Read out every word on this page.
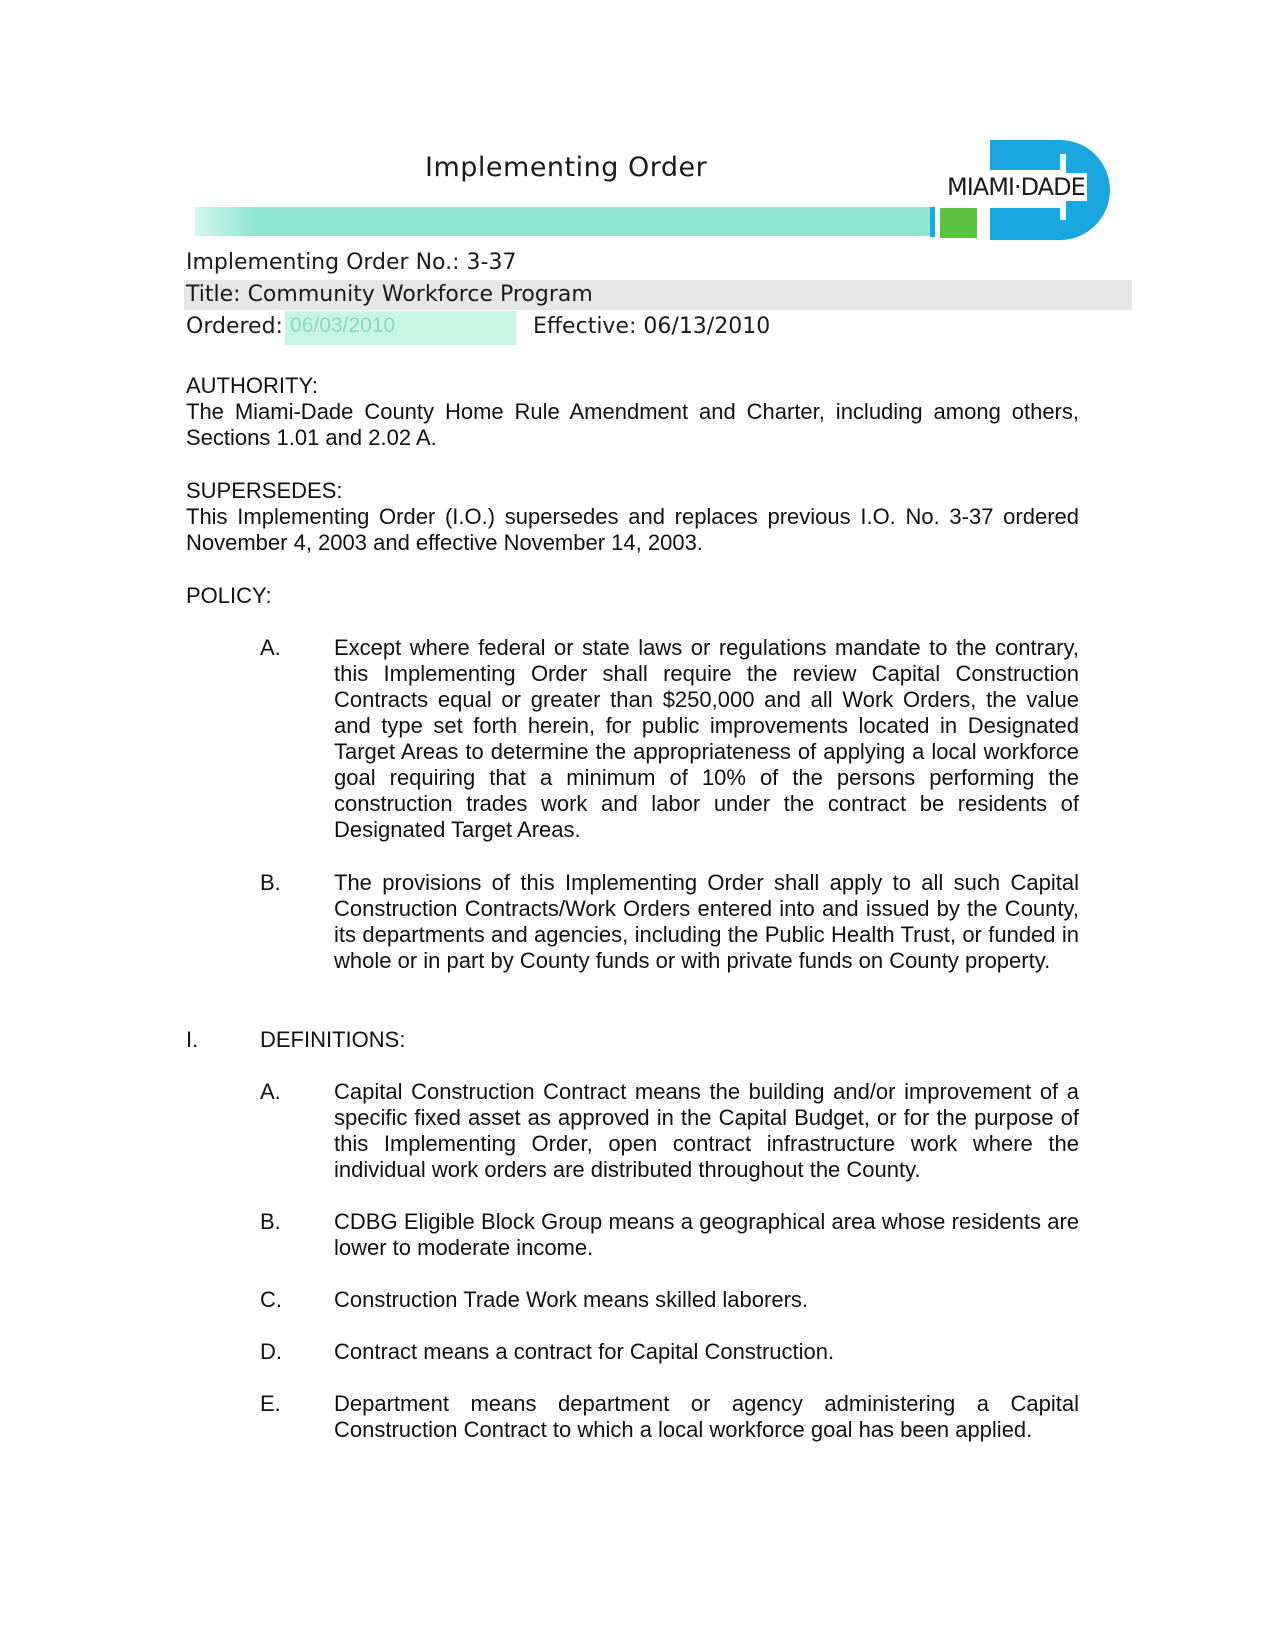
Implementing Order
MIAMI·DADE
Implementing Order No.: 3-37
Title: Community Workforce Program
Ordered: 06/03/2010	Effective: 06/13/2010
AUTHORITY:
The Miami-Dade County Home Rule Amendment and Charter, including among others, Sections 1.01 and 2.02 A.
SUPERSEDES:
This Implementing Order (I.O.) supersedes and replaces previous I.O. No. 3-37 ordered November 4, 2003 and effective November 14, 2003.
POLICY:
A. Except where federal or state laws or regulations mandate to the contrary, this Implementing Order shall require the review Capital Construction Contracts equal or greater than $250,000 and all Work Orders, the value and type set forth herein, for public improvements located in Designated Target Areas to determine the appropriateness of applying a local workforce goal requiring that a minimum of 10% of the persons performing the construction trades work and labor under the contract be residents of Designated Target Areas.
B. The provisions of this Implementing Order shall apply to all such Capital Construction Contracts/Work Orders entered into and issued by the County, its departments and agencies, including the Public Health Trust, or funded in whole or in part by County funds or with private funds on County property.
I.	DEFINITIONS:
A. Capital Construction Contract means the building and/or improvement of a specific fixed asset as approved in the Capital Budget, or for the purpose of this Implementing Order, open contract infrastructure work where the individual work orders are distributed throughout the County.
B. CDBG Eligible Block Group means a geographical area whose residents are lower to moderate income.
C. Construction Trade Work means skilled laborers.
D. Contract means a contract for Capital Construction.
E. Department means department or agency administering a Capital Construction Contract to which a local workforce goal has been applied.
